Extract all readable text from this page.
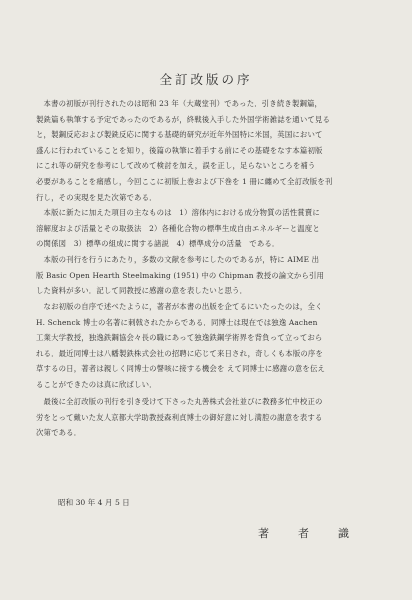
全訂改版の序
　本書の初版が刊行されたのは昭和 23 年（大蔵堂刊）であった．引き続き製鋼篇，
製銑篇も執筆する予定であったのであるが，終戦後入手した外国学術雑誌を通いて見る
と，製鋼反応および製銑反応に関する基礎的研究が近年外国特に米国，英国において
盛んに行われていることを知り，後篇の執筆に着手する前にその基礎をなす本篇初版
にこれ等の研究を参考にして改めて検討を加え，誤を正し，足らないところを補う
必要があることを痛感し，今回ここに初版上巻および下巻を 1 冊に纏めて全訂改版を刊
行し，その実現を見た次第である．
　本版に新たに加えた項目の主なものは　1）溶体内における成分物質の活性賞賣に
溶解度および活量とその取扱法　2）各種化合物の標準生成自由エネルギーと温度と
の関係図　3）標準の組成に関する諸説　4）標準成分の活量　である．
　本版の刊行を行うにあたり，多数の文献を参考にしたのであるが，特に AIME 出
版 Basic Open Hearth Steelmaking (1951) 中の Chipman 教授の論文から引用
した資料が多い．記して同教授に感謝の意を表したいと思う．
　なお初版の自序で述べたように，著者が本書の出版を企てるにいたったのは，全く
H. Schenck 博士の名著に刺戟されたからである．同博士は現在では独逸 Aachen
工業大学教授，独逸鉄鋼協会々長の職にあって独逸鉄鋼学術界を背負って立っておら
れる．最近同博士は八幡製鉄株式会社の招聘に応じて来日され，奇しくも本版の序を
草するの日，著者は親しく同博士の謦咳に接する機会を えて同博士に感謝の意を伝え
ることができたのは真に欣ばしい．
　最後に全訂改版の刊行を引き受けて下さった丸善株式会社並びに教務多忙中校正の
労をとって戴いた友人京都大学助教授森利貞博士の御好意に対し満腔の謝意を表する
次第である．
昭和 30 年 4 月 5 日
著　者　識
